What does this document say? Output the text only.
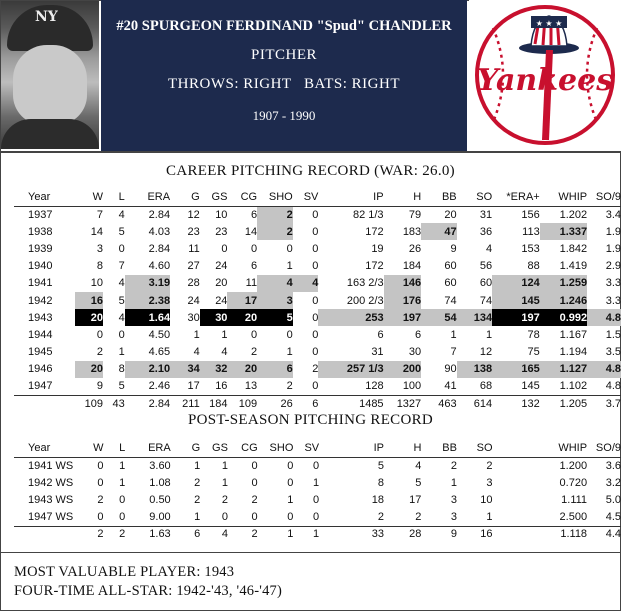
NY
#20 SPURGEON FERDINAND "Spud" CHANDLER
PITCHER
THROWS: RIGHT   BATS: RIGHT
1907 - 1990
★ ★ ★
Yankees
CAREER PITCHING RECORD (WAR: 26.0)
Year	W	L	ERA	G	GS	CG	SHO	SV	IP	H	BB	SO	*ERA+	WHIP	SO/9
1937	7	4	2.84	12	10	6	2	0	82 1/3	79	20	31	156	1.202	3.4
1938	14	5	4.03	23	23	14	2	0	172	183	47	36	113	1.337	1.9
1939	3	0	2.84	11	0	0	0	0	19	26	9	4	153	1.842	1.9
1940	8	7	4.60	27	24	6	1	0	172	184	60	56	88	1.419	2.9
1941	10	4	3.19	28	20	11	4	4	163 2/3	146	60	60	124	1.259	3.3
1942	16	5	2.38	24	24	17	3	0	200 2/3	176	74	74	145	1.246	3.3
1943	20	4	1.64	30	30	20	5	0	253	197	54	134	197	0.992	4.8
1944	0	0	4.50	1	1	0	0	0	6	6	1	1	78	1.167	1.5
1945	2	1	4.65	4	4	2	1	0	31	30	7	12	75	1.194	3.5
1946	20	8	2.10	34	32	20	6	2	257 1/3	200	90	138	165	1.127	4.8
1947	9	5	2.46	17	16	13	2	0	128	100	41	68	145	1.102	4.8
	109	43	2.84	211	184	109	26	6	1485	1327	463	614	132	1.205	3.7
POST-SEASON PITCHING RECORD
Year	W	L	ERA	G	GS	CG	SHO	SV	IP	H	BB	SO		WHIP	SO/9
1941 WS	0	1	3.60	1	1	0	0	0	5	4	2	2		1.200	3.6
1942 WS	0	1	1.08	2	1	0	0	1	8	5	1	3		0.720	3.2
1943 WS	2	0	0.50	2	2	2	1	0	18	17	3	10		1.111	5.0
1947 WS	0	0	9.00	1	0	0	0	0	2	2	3	1		2.500	4.5
	2	2	1.63	6	4	2	1	1	33	28	9	16		1.118	4.4
MOST VALUABLE PLAYER: 1943
FOUR-TIME ALL-STAR: 1942-'43, '46-'47)
